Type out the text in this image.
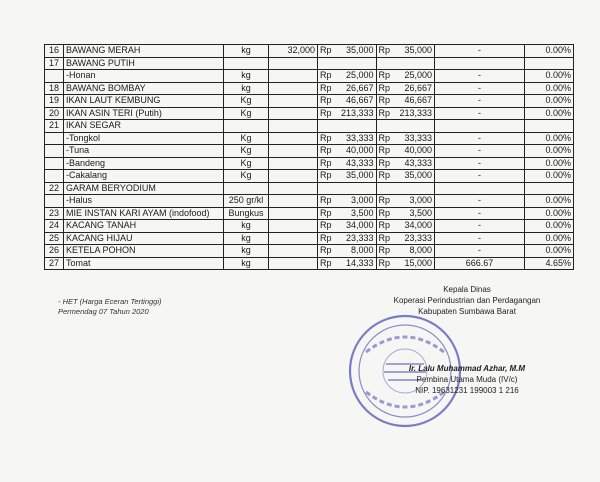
16	BAWANG MERAH	kg	32,000	Rp	35,000	Rp	35,000	-	0.00%
17	BAWANG PUTIH								
	-Honan	kg		Rp	25,000	Rp	25,000	-	0.00%
18	BAWANG BOMBAY	kg		Rp	26,667	Rp	26,667	-	0.00%
19	IKAN LAUT KEMBUNG	Kg		Rp	46,667	Rp	46,667	-	0.00%
20	IKAN ASIN TERI (Putih)	Kg		Rp	213,333	Rp	213,333	-	0.00%
21	IKAN SEGAR								
	-Tongkol	Kg		Rp	33,333	Rp	33,333	-	0.00%
	-Tuna	Kg		Rp	40,000	Rp	40,000	-	0.00%
	-Bandeng	Kg		Rp	43,333	Rp	43,333	-	0.00%
	-Cakalang	Kg		Rp	35,000	Rp	35,000	-	0.00%
22	GARAM BERYODIUM								
	-Halus	250 gr/kl		Rp	3,000	Rp	3,000	-	0.00%
23	MIE INSTAN KARI AYAM (indofood)	Bungkus		Rp	3,500	Rp	3,500	-	0.00%
24	KACANG TANAH	kg		Rp	34,000	Rp	34,000	-	0.00%
25	KACANG HIJAU	kg		Rp	23,333	Rp	23,333	-	0.00%
26	KETELA POHON	kg		Rp	8,000	Rp	8,000	-	0.00%
27	Tomat	kg		Rp	14,333	Rp	15,000	666.67	4.65%
- HET (Harga Eceran Tertinggi)
Permendag 07 Tahun 2020
Kepala Dinas
Koperasi Perindustrian dan Perdagangan
Kabupaten Sumbawa Barat
Ir. Lalu Muhammad Azhar, M.M
Pembina Utama Muda (IV/c)
NIP. 19631231 199003 1 216
